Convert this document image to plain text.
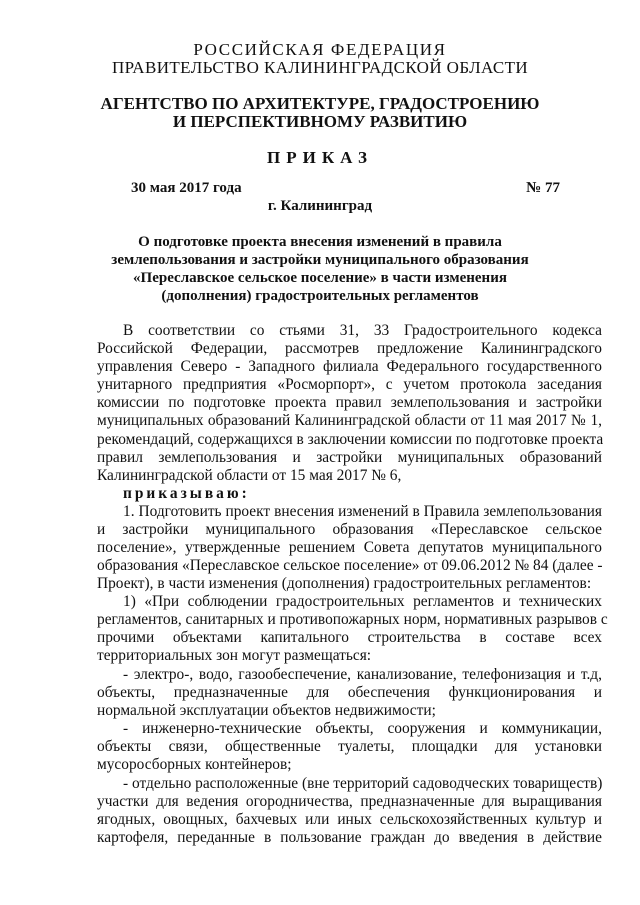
РОССИЙСКАЯ ФЕДЕРАЦИЯ
ПРАВИТЕЛЬСТВО КАЛИНИНГРАДСКОЙ ОБЛАСТИ
АГЕНТСТВО ПО АРХИТЕКТУРЕ, ГРАДОСТРОЕНИЮ
И ПЕРСПЕКТИВНОМУ РАЗВИТИЮ
ПРИКАЗ
30 мая 2017 года	№ 77
г. Калининград
О подготовке проекта внесения изменений в правила
землепользования и застройки муниципального образования
«Переславское сельское поселение» в части изменения
(дополнения) градостроительных регламентов
В соответствии со стьями 31, 33 Градостроительного кодекса
Российской Федерации, рассмотрев предложение Калининградского
управления Северо - Западного филиала Федерального государственного
унитарного предприятия «Росморпорт», с учетом протокола заседания
комиссии по подготовке проекта правил землепользования и застройки
муниципальных образований Калининградской области от 11 мая 2017 № 1,
рекомендаций, содержащихся в заключении комиссии по подготовке проекта
правил землепользования и застройки муниципальных образований
Калининградской области от 15 мая 2017 № 6,
приказываю:
1. Подготовить проект внесения изменений в Правила землепользования
и застройки муниципального образования «Переславское сельское
поселение», утвержденные решением Совета депутатов муниципального
образования «Переславское сельское поселение» от 09.06.2012 № 84 (далее -
Проект), в части изменения (дополнения) градостроительных регламентов:
1) «При соблюдении градостроительных регламентов и технических
регламентов, санитарных и противопожарных норм, нормативных разрывов с
прочими объектами капитального строительства в составе всех
территориальных зон могут размещаться:
- электро-, водо, газообеспечение, канализование, телефонизация и т.д,
объекты, предназначенные для обеспечения функционирования и
нормальной эксплуатации объектов недвижимости;
- инженерно-технические объекты, сооружения и коммуникации,
объекты связи, общественные туалеты, площадки для установки
мусоросборных контейнеров;
- отдельно расположенные (вне территорий садоводческих товариществ)
участки для ведения огородничества, предназначенные для выращивания
ягодных, овощных, бахчевых или иных сельскохозяйственных культур и
картофеля, переданные в пользование граждан до введения в действие
